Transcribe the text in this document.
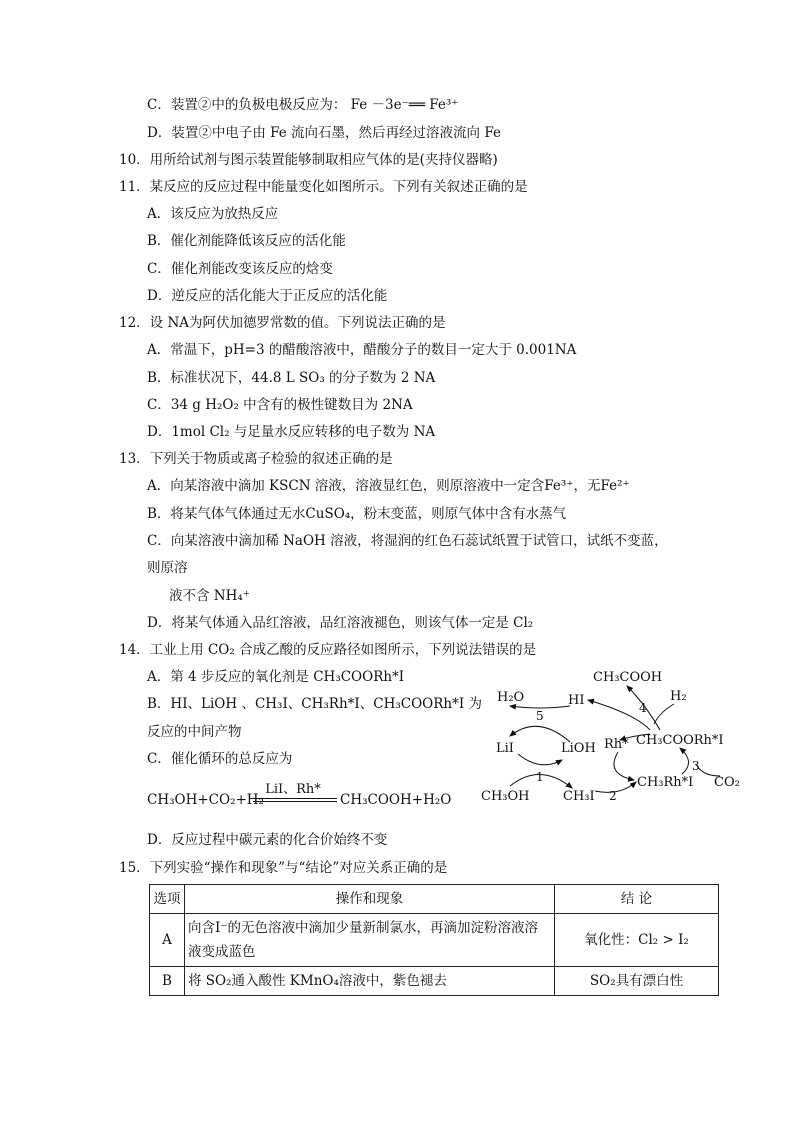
C．装置②中的负极电极反应为： Fe －3e⁻══ Fe³⁺
D．装置②中电子由 Fe 流向石墨，然后再经过溶液流向 Fe
10．用所给试剂与图示装置能够制取相应气体的是(夹持仪器略)
11．某反应的反应过程中能量变化如图所示。下列有关叙述正确的是
A．该反应为放热反应
B．催化剂能降低该反应的活化能
C．催化剂能改变该反应的焓变
D．逆反应的活化能大于正反应的活化能
12．设 NA为阿伏加德罗常数的值。下列说法正确的是
A．常温下，pH=3 的醋酸溶液中，醋酸分子的数目一定大于 0.001NA
B．标准状况下，44.8 L SO₃ 的分子数为 2 NA
C．34 g H₂O₂ 中含有的极性键数目为 2NA
D．1mol Cl₂ 与足量水反应转移的电子数为 NA
13．下列关于物质或离子检验的叙述正确的是
A．向某溶液中滴加 KSCN 溶液，溶液显红色，则原溶液中一定含Fe³⁺，无Fe²⁺
B．将某气体气体通过无水CuSO₄，粉末变蓝，则原气体中含有水蒸气
C．向某溶液中滴加稀 NaOH 溶液，将湿润的红色石蕊试纸置于试管口，试纸不变蓝，
则原溶
液不含 NH₄⁺
D．将某气体通入品红溶液，品红溶液褪色，则该气体一定是 Cl₂
14．工业上用 CO₂ 合成乙酸的反应路径如图所示，下列说法错误的是
A．第 4 步反应的氧化剂是 CH₃COORh*I
B．HI、LiOH 、CH₃I、CH₃Rh*I、CH₃COORh*I 为
反应的中间产物
C．催化循环的总反应为
CH₃OH+CO₂+H₂
LiI、Rh*
CH₃COOH+H₂O
D．反应过程中碳元素的化合价始终不变
15．下列实验“操作和现象”与“结论”对应关系正确的是
CH₃COOH
H₂
H₂O	HI
Rh* CH₃COORh*I
LiI	LiOH
CH₃Rh*I CO₂
CH₃OH	CH₃I
5
4
3
2
1
选项	操作和现象	结 论
A	向含I⁻的无色溶液中滴加少量新制氯水，再滴加淀粉溶液溶
液变成蓝色	氧化性：Cl₂ > I₂
B	将 SO₂通入酸性 KMnO₄溶液中，紫色褪去	SO₂具有漂白性
